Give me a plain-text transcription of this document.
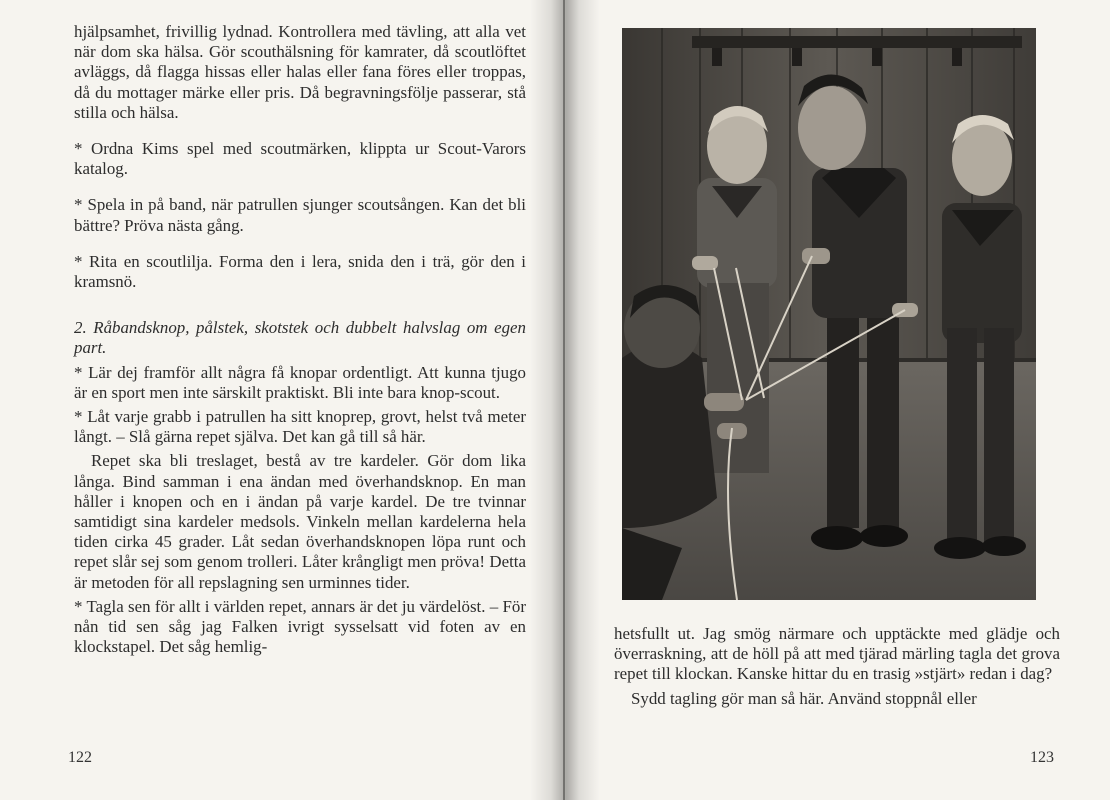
hjälpsamhet, frivillig lydnad. Kontrollera med tävling, att alla vet när dom ska hälsa. Gör scouthälsning för kamrater, då scoutlöftet avläggs, då flagga hissas eller halas eller fana föres eller troppas, då du mottager märke eller pris. Då begravningsfölje passerar, stå stilla och hälsa.

* Ordna Kims spel med scoutmärken, klippta ur Scout-Varors katalog.

* Spela in på band, när patrullen sjunger scoutsången. Kan det bli bättre? Pröva nästa gång.

* Rita en scoutlilja. Forma den i lera, snida den i trä, gör den i kramsnö.

2. Råbandsknop, pålstek, skotstek och dubbelt halvslag om egen part.

* Lär dej framför allt några få knopar ordentligt. Att kunna tjugo är en sport men inte särskilt praktiskt. Bli inte bara knop-scout.

* Låt varje grabb i patrullen ha sitt knoprep, grovt, helst två meter långt. – Slå gärna repet själva. Det kan gå till så här.

Repet ska bli treslaget, bestå av tre kardeler. Gör dom lika långa. Bind samman i ena ändan med överhandsknop. En man håller i knopen och en i ändan på varje kardel. De tre tvinnar samtidigt sina kardeler medsols. Vinkeln mellan kardelerna hela tiden cirka 45 grader. Låt sedan överhandsknopen löpa runt och repet slår sej som genom trolleri. Låter krångligt men pröva! Detta är metoden för all repslagning sen urminnes tider.

* Tagla sen för allt i världen repet, annars är det ju värdelöst. – För nån tid sen såg jag Falken ivrigt sysselsatt vid foten av en klockstapel. Det såg hemlig-

122

hetsfullt ut. Jag smög närmare och upptäckte med glädje och överraskning, att de höll på att med tjärad märling tagla det grova repet till klockan. Kanske hittar du en trasig »stjärt» redan i dag?

Sydd tagling gör man så här. Använd stoppnål eller

123
